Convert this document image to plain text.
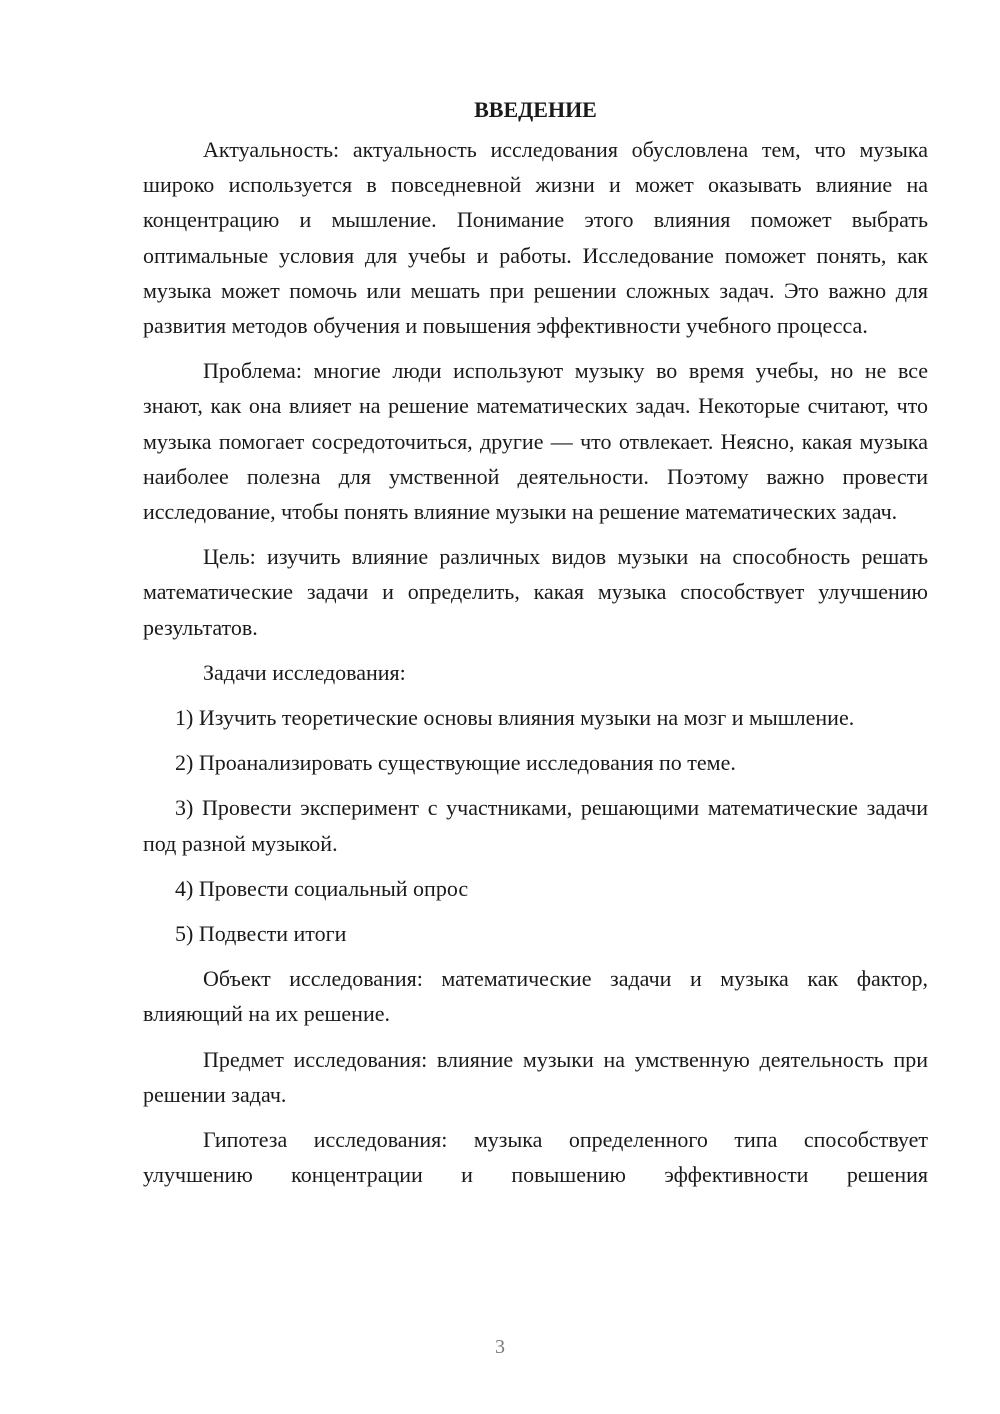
ВВЕДЕНИЕ

Актуальность: актуальность исследования обусловлена тем, что музыка широко используется в повседневной жизни и может оказывать влияние на концентрацию и мышление. Понимание этого влияния поможет выбрать оптимальные условия для учебы и работы. Исследование поможет понять, как музыка может помочь или мешать при решении сложных задач. Это важно для развития методов обучения и повышения эффективности учебного процесса.

Проблема: многие люди используют музыку во время учебы, но не все знают, как она влияет на решение математических задач. Некоторые считают, что музыка помогает сосредоточиться, другие — что отвлекает. Неясно, какая музыка наиболее полезна для умственной деятельности. Поэтому важно провести исследование, чтобы понять влияние музыки на решение математических задач.

Цель: изучить влияние различных видов музыки на способность решать математические задачи и определить, какая музыка способствует улучшению результатов.

Задачи исследования:

1) Изучить теоретические основы влияния музыки на мозг и мышление.

2) Проанализировать существующие исследования по теме.

3) Провести эксперимент с участниками, решающими математические задачи под разной музыкой.

4) Провести социальный опрос

5) Подвести итоги

Объект исследования: математические задачи и музыка как фактор, влияющий на их решение.

Предмет исследования: влияние музыки на умственную деятельность при решении задач.

Гипотеза исследования: музыка определенного типа способствует улучшению концентрации и повышению эффективности решения

3
